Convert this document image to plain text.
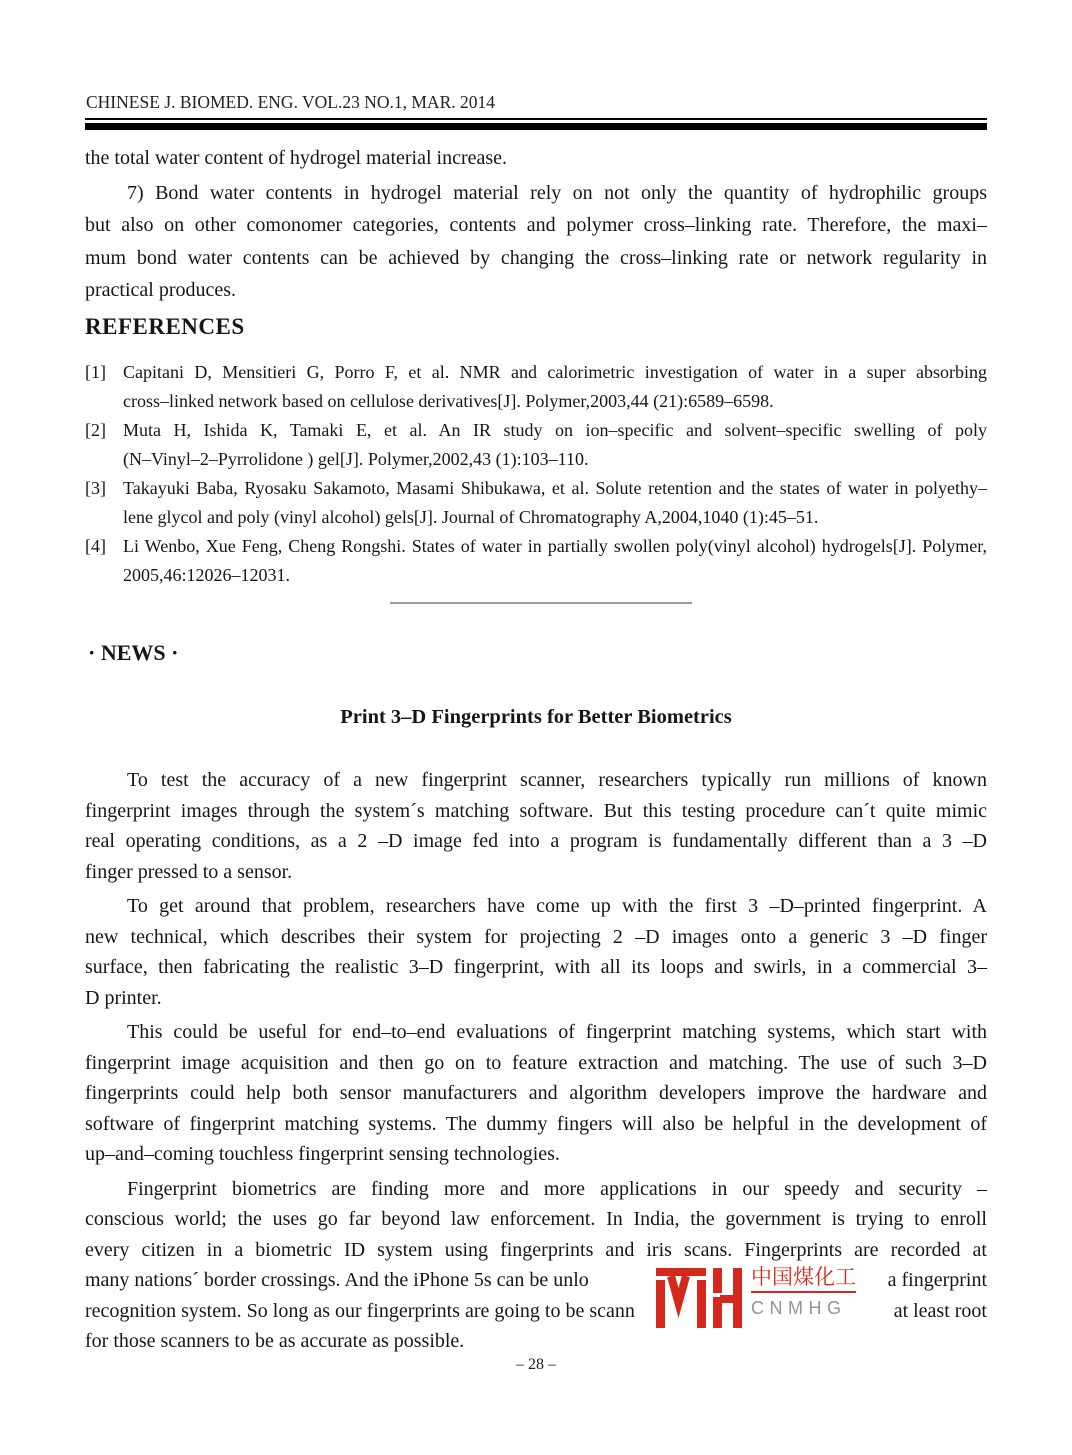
CHINESE J. BIOMED. ENG. VOL.23 NO.1, MAR. 2014
the total water content of hydrogel material increase.
7) Bond water contents in hydrogel material rely on not only the quantity of hydrophilic groups
but also on other comonomer categories, contents and polymer cross–linking rate. Therefore, the maxi–
mum bond water contents can be achieved by changing the cross–linking rate or network regularity in
practical produces.
REFERENCES
[1] Capitani D, Mensitieri G, Porro F, et al. NMR and calorimetric investigation of water in a super absorbing
cross–linked network based on cellulose derivatives[J]. Polymer,2003,44 (21):6589–6598.
[2] Muta H, Ishida K, Tamaki E, et al. An IR study on ion–specific and solvent–specific swelling of poly
(N–Vinyl–2–Pyrrolidone ) gel[J]. Polymer,2002,43 (1):103–110.
[3] Takayuki Baba, Ryosaku Sakamoto, Masami Shibukawa, et al. Solute retention and the states of water in polyethy–
lene glycol and poly (vinyl alcohol) gels[J]. Journal of Chromatography A,2004,1040 (1):45–51.
[4] Li Wenbo, Xue Feng, Cheng Rongshi. States of water in partially swollen poly(vinyl alcohol) hydrogels[J]. Polymer,
2005,46:12026–12031.
· NEWS ·
Print 3–D Fingerprints for Better Biometrics
To test the accuracy of a new fingerprint scanner, researchers typically run millions of known
fingerprint images through the system´s matching software. But this testing procedure can´t quite mimic
real operating conditions, as a 2 –D image fed into a program is fundamentally different than a 3 –D
finger pressed to a sensor.
To get around that problem, researchers have come up with the first 3 –D–printed fingerprint. A
new technical, which describes their system for projecting 2 –D images onto a generic 3 –D finger
surface, then fabricating the realistic 3–D fingerprint, with all its loops and swirls, in a commercial 3–
D printer.
This could be useful for end–to–end evaluations of fingerprint matching systems, which start with
fingerprint image acquisition and then go on to feature extraction and matching. The use of such 3–D
fingerprints could help both sensor manufacturers and algorithm developers improve the hardware and
software of fingerprint matching systems. The dummy fingers will also be helpful in the development of
up–and–coming touchless fingerprint sensing technologies.
Fingerprint biometrics are finding more and more applications in our speedy and security –
conscious world; the uses go far beyond law enforcement. In India, the government is trying to enroll
every citizen in a biometric ID system using fingerprints and iris scans. Fingerprints are recorded at
many nations´ border crossings. And the iPhone 5s can be unlo	a fingerprint
recognition system. So long as our fingerprints are going to be scann	at least root
for those scanners to be as accurate as possible.
中国煤化工
CNMHG
– 28 –
